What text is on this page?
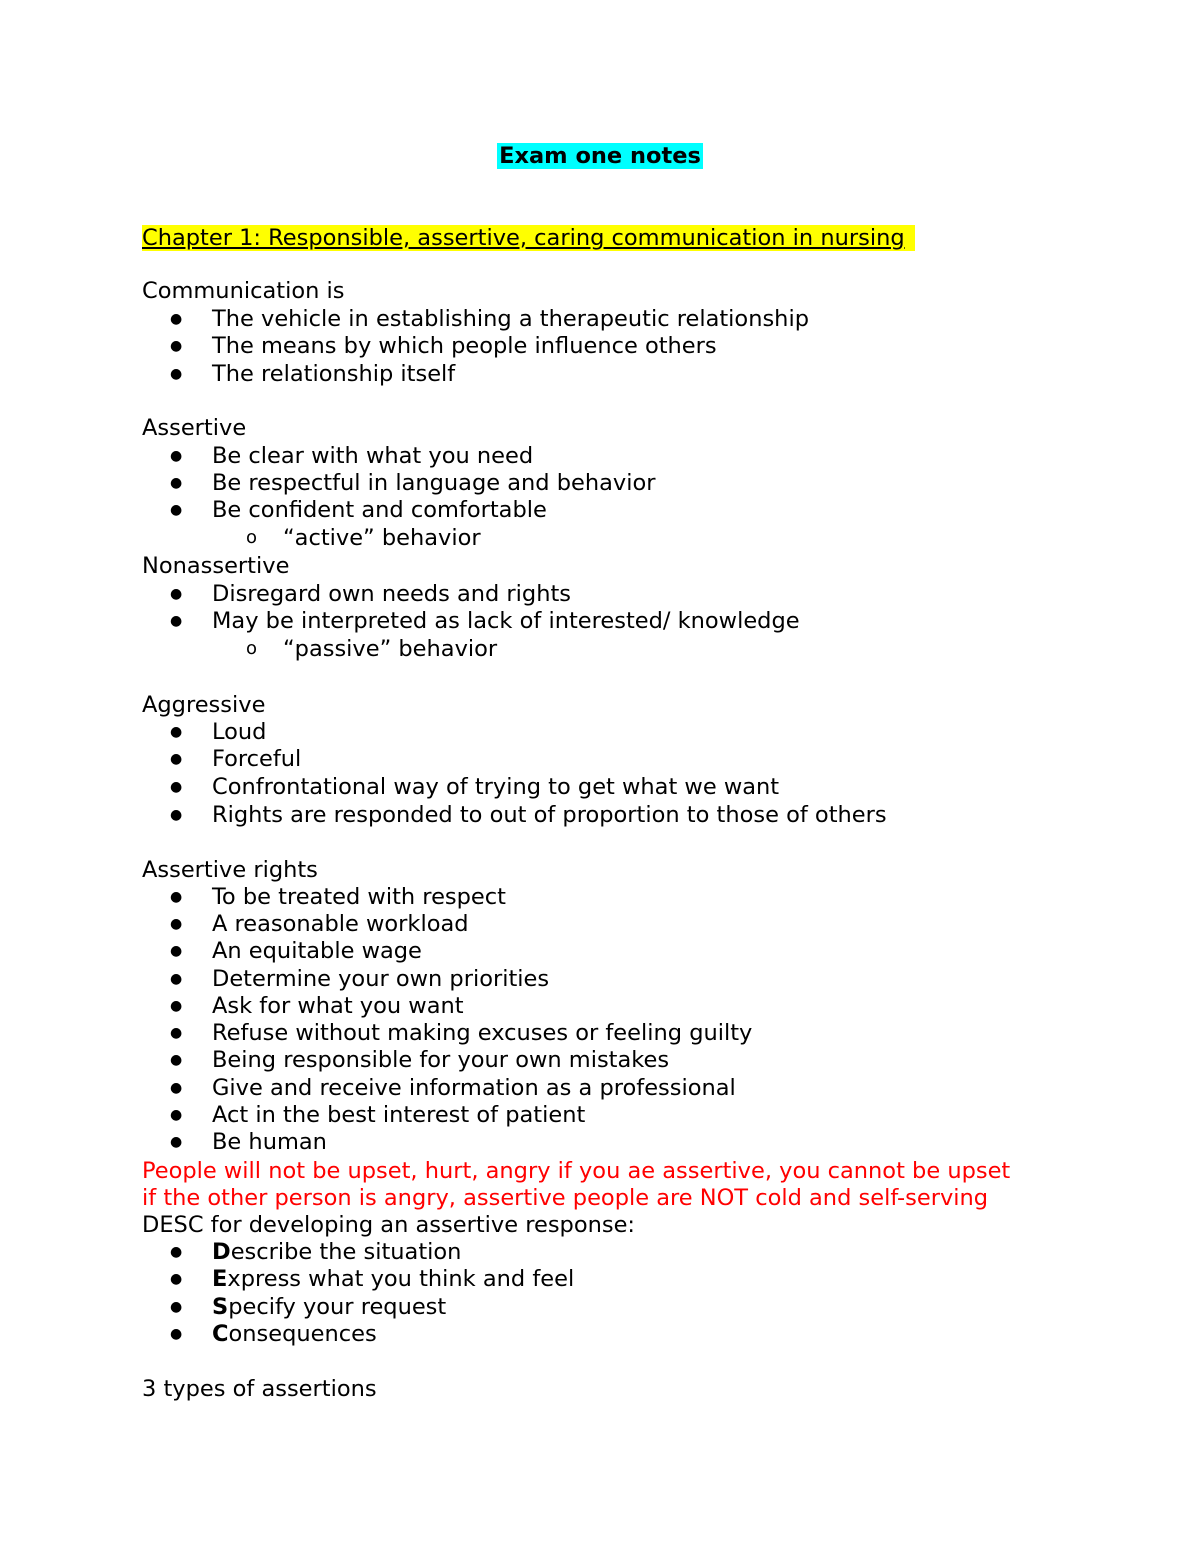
Exam one notes
Chapter 1: Responsible, assertive, caring communication in nursing
Communication is
● The vehicle in establishing a therapeutic relationship
● The means by which people influence others
● The relationship itself
Assertive
● Be clear with what you need
● Be respectful in language and behavior
● Be confident and comfortable
o “active” behavior
Nonassertive
● Disregard own needs and rights
● May be interpreted as lack of interested/ knowledge
o “passive” behavior
Aggressive
● Loud
● Forceful
● Confrontational way of trying to get what we want
● Rights are responded to out of proportion to those of others
Assertive rights
● To be treated with respect
● A reasonable workload
● An equitable wage
● Determine your own priorities
● Ask for what you want
● Refuse without making excuses or feeling guilty
● Being responsible for your own mistakes
● Give and receive information as a professional
● Act in the best interest of patient
● Be human
People will not be upset, hurt, angry if you ae assertive, you cannot be upset
if the other person is angry, assertive people are NOT cold and self-serving
DESC for developing an assertive response:
● Describe the situation
● Express what you think and feel
● Specify your request
● Consequences
3 types of assertions
